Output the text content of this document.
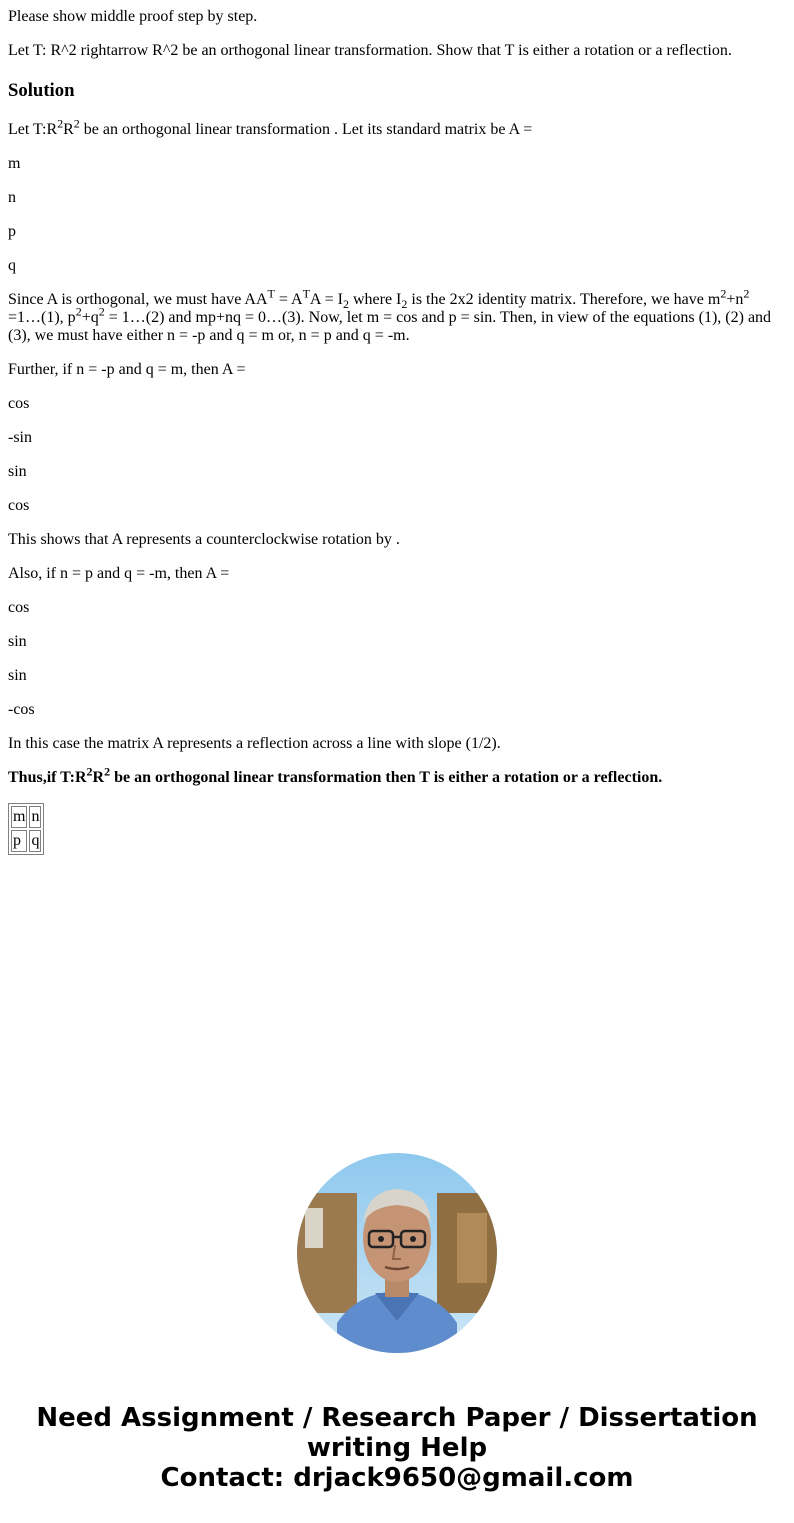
Please show middle proof step by step.

Let T: R^2 rightarrow R^2 be an orthogonal linear transformation. Show that T is either a rotation or a reflection.

Solution

Let $T:R^2R^2$ be an orthogonal linear transformation . Let its standard matrix be A =

m

n

p

q

Since A is orthogonal, we must have $AA^T = A^TA = I_2$ where $I_2$ is the 2x2 identity matrix. Therefore, we have $m^2+n^2$ =1…(1), $p^2+q^2$ = 1…(2) and mp+nq = 0…(3). Now, let m = cos and p = sin. Then, in view of the equations (1), (2) and (3), we must have either n = -p and q = m or, n = p and q = -m.

Further, if n = -p and q = m, then A =

cos

-sin

sin

cos

This shows that A represents a counterclockwise rotation by .

Also, if n = p and q = -m, then A =

cos

sin

sin

-cos

In this case the matrix A represents a reflection across a line with slope (1/2).

Thus,if $T:R^2R^2$ be an orthogonal linear transformation then T is either a rotation or a reflection.

m	n
p	q
Need Assignment / Research Paper / Dissertation
writing Help
Contact: drjack9650@gmail.com
